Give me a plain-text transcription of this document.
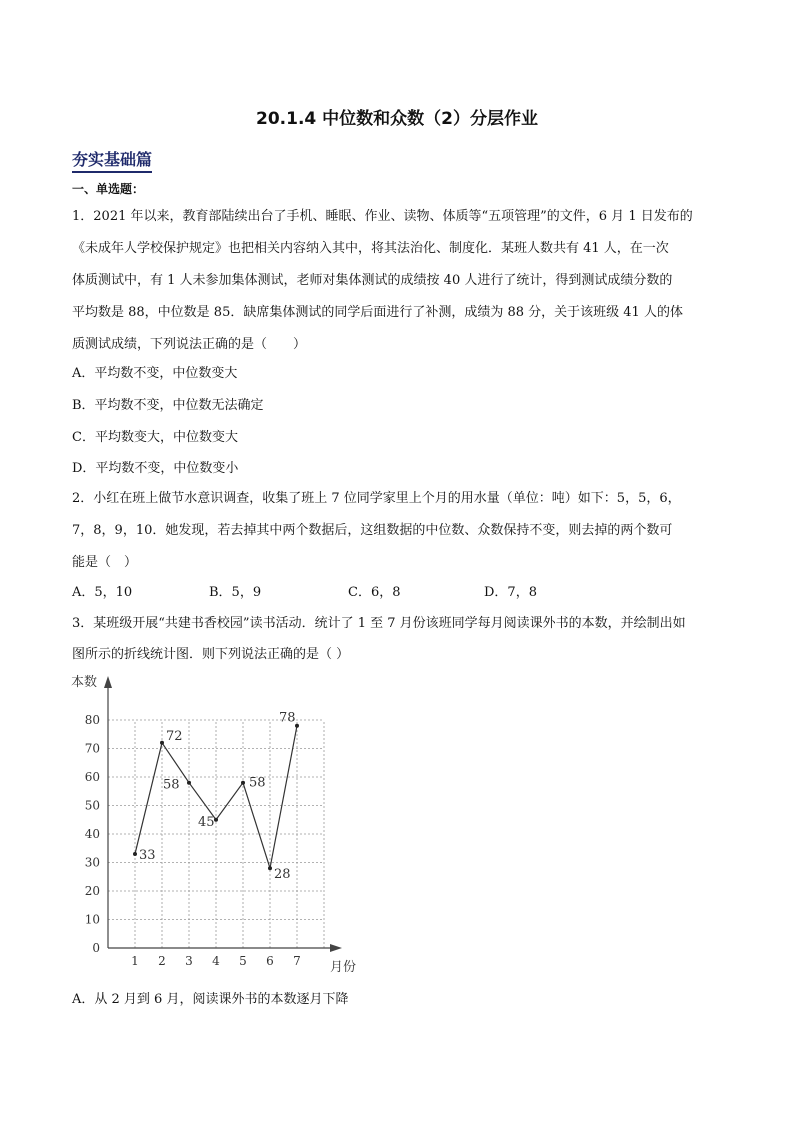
20.1.4 中位数和众数（2）分层作业
夯实基础篇
一、单选题：
1．2021 年以来，教育部陆续出台了手机、睡眠、作业、读物、体质等“五项管理”的文件，6 月 1 日发布的
《未成年人学校保护规定》也把相关内容纳入其中，将其法治化、制度化．某班人数共有 41 人，在一次
体质测试中，有 1 人未参加集体测试，老师对集体测试的成绩按 40 人进行了统计，得到测试成绩分数的
平均数是 88，中位数是 85．缺席集体测试的同学后面进行了补测，成绩为 88 分，关于该班级 41 人的体
质测试成绩，下列说法正确的是（　　）
A．平均数不变，中位数变大
B．平均数不变，中位数无法确定
C．平均数变大，中位数变大
D．平均数不变，中位数变小
2．小红在班上做节水意识调查，收集了班上 7 位同学家里上个月的用水量（单位：吨）如下：5，5，6，
7，8，9，10．她发现，若去掉其中两个数据后，这组数据的中位数、众数保持不变，则去掉的两个数可
能是（　）
A．5，10	B．5，9	C．6，8	D．7，8
3．某班级开展“共建书香校园”读书活动．统计了 1 至 7 月份该班同学每月阅读课外书的本数，并绘制出如
图所示的折线统计图．则下列说法正确的是（ ）
0
10
20
30
40
50
60
70
80
1 2 3 4 5 6 7
33
72
58
45
58
28
78
本数
月份
A．从 2 月到 6 月，阅读课外书的本数逐月下降
